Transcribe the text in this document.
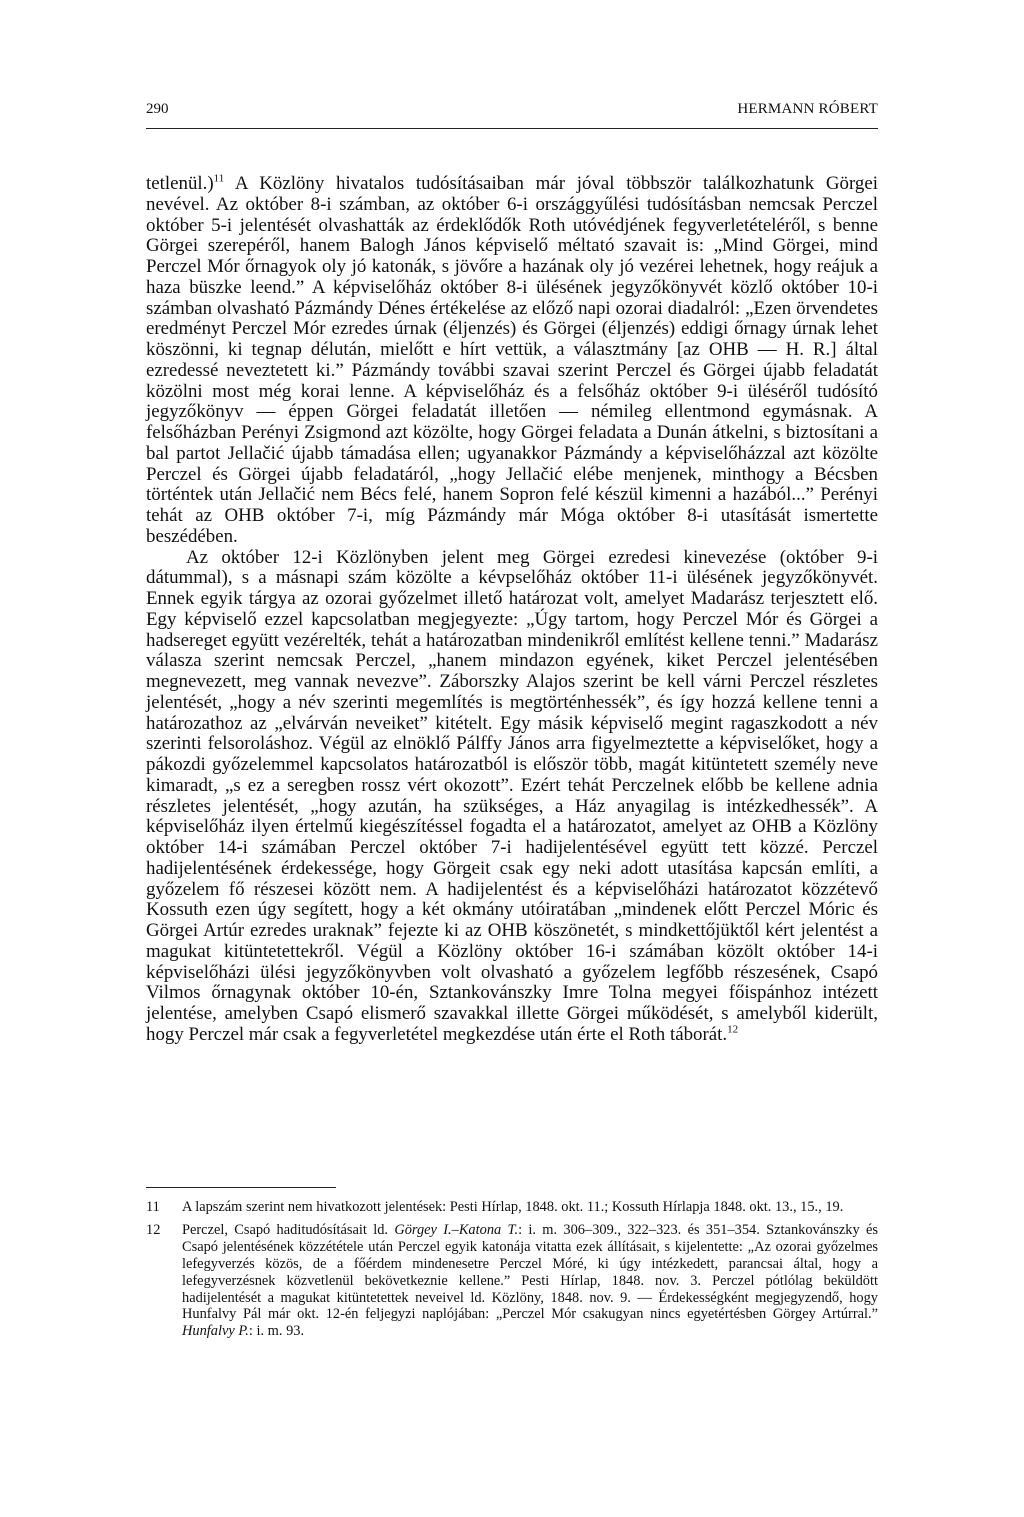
290	HERMANN RÓBERT

tetlenül.)$^{11}$ A Közlöny hivatalos tudósításaiban már jóval többször találkozhatunk Görgei nevével. Az október 8-i számban, az október 6-i országgyűlési tudósításban nemcsak Perczel október 5-i jelentését olvashatták az érdeklődők Roth utóvédjének fegyverletételéről, s benne Görgei szerepéről, hanem Balogh János képviselő méltató szavait is: „Mind Görgei, mind Perczel Mór őrnagyok oly jó katonák, s jövőre a hazának oly jó vezérei lehetnek, hogy reájuk a haza büszke leend.” A képviselőház október 8-i ülésének jegyzőkönyvét közlő október 10-i számban olvasható Pázmándy Dénes értékelése az előző napi ozorai diadalról: „Ezen örvendetes eredményt Perczel Mór ezredes úrnak (éljenzés) és Görgei (éljenzés) eddigi őrnagy úrnak lehet köszönni, ki tegnap délután, mielőtt e hírt vettük, a választmány [az OHB — H. R.] által ezredessé neveztetett ki.” Pázmándy további szavai szerint Perczel és Görgei újabb feladatát közölni most még korai lenne. A képviselőház és a felsőház október 9-i üléséről tudósító jegyzőkönyv — éppen Görgei feladatát illetően — némileg ellentmond egymásnak. A felsőházban Perényi Zsigmond azt közölte, hogy Görgei feladata a Dunán átkelni, s biztosítani a bal partot Jellačić újabb támadása ellen; ugyanakkor Pázmándy a képviselőházzal azt közölte Perczel és Görgei újabb feladatáról, „hogy Jellačić elébe menjenek, minthogy a Bécsben történtek után Jellačić nem Bécs felé, hanem Sopron felé készül kimenni a hazából...” Perényi tehát az OHB október 7-i, míg Pázmándy már Móga október 8-i utasítását ismertette beszédében.

Az október 12-i Közlönyben jelent meg Görgei ezredesi kinevezése (október 9-i dátummal), s a másnapi szám közölte a kévpselőház október 11-i ülésének jegyzőkönyvét. Ennek egyik tárgya az ozorai győzelmet illető határozat volt, amelyet Madarász terjesztett elő. Egy képviselő ezzel kapcsolatban megjegyezte: „Úgy tartom, hogy Perczel Mór és Görgei a hadsereget együtt vezérelték, tehát a határozatban mindenikről említést kellene tenni.” Madarász válasza szerint nemcsak Perczel, „hanem mindazon egyének, kiket Perczel jelentésében megnevezett, meg vannak nevezve”. Záborszky Alajos szerint be kell várni Perczel részletes jelentését, „hogy a név szerinti megemlítés is megtörténhessék”, és így hozzá kellene tenni a határozathoz az „elvárván neveiket” kitételt. Egy másik képviselő megint ragaszkodott a név szerinti felsoroláshoz. Végül az elnöklő Pálffy János arra figyelmeztette a képviselőket, hogy a pákozdi győzelemmel kapcsolatos határozatból is először több, magát kitüntetett személy neve kimaradt, „s ez a seregben rossz vért okozott”. Ezért tehát Perczelnek előbb be kellene adnia részletes jelentését, „hogy azután, ha szükséges, a Ház anyagilag is intézkedhessék”. A képviselőház ilyen értelmű kiegészítéssel fogadta el a határozatot, amelyet az OHB a Közlöny október 14-i számában Perczel október 7-i hadijelentésével együtt tett közzé. Perczel hadijelentésének érdekessége, hogy Görgeit csak egy neki adott utasítása kapcsán említi, a győzelem fő részesei között nem. A hadijelentést és a képviselőházi határozatot közzétevő Kossuth ezen úgy segített, hogy a két okmány utóiratában „mindenek előtt Perczel Móric és Görgei Artúr ezredes uraknak” fejezte ki az OHB köszönetét, s mindkettőjüktől kért jelentést a magukat kitüntetettekről. Végül a Közlöny október 16-i számában közölt október 14-i képviselőházi ülési jegyzőkönyvben volt olvasható a győzelem legfőbb részesének, Csapó Vilmos őrnagynak október 10-én, Sztankovánszky Imre Tolna megyei főispánhoz intézett jelentése, amelyben Csapó elismerő szavakkal illette Görgei működését, s amelyből kiderült, hogy Perczel már csak a fegyverletétel megkezdése után érte el Roth táborát.$^{12}$

11 A lapszám szerint nem hivatkozott jelentések: Pesti Hírlap, 1848. okt. 11.; Kossuth Hírlapja 1848. okt. 13., 15., 19.
12 Perczel, Csapó haditudósításait ld. Görgey I.–Katona T.: i. m. 306–309., 322–323. és 351–354. Sztankovánszky és Csapó jelentésének közzététele után Perczel egyik katonája vitatta ezek állításait, s kijelentette: „Az ozorai győzelmes lefegyverzés közös, de a főérdem mindenesetre Perczel Móré, ki úgy intézkedett, parancsai által, hogy a lefegyverzésnek közvetlenül bekövetkeznie kellene.” Pesti Hírlap, 1848. nov. 3. Perczel pótlólag beküldött hadijelentését a magukat kitüntetettek neveivel ld. Közlöny, 1848. nov. 9. — Érdekességként megjegyzendő, hogy Hunfalvy Pál már okt. 12-én feljegyzi naplójában: „Perczel Mór csakugyan nincs egyetértésben Görgey Artúrral.” Hunfalvy P.: i. m. 93.
